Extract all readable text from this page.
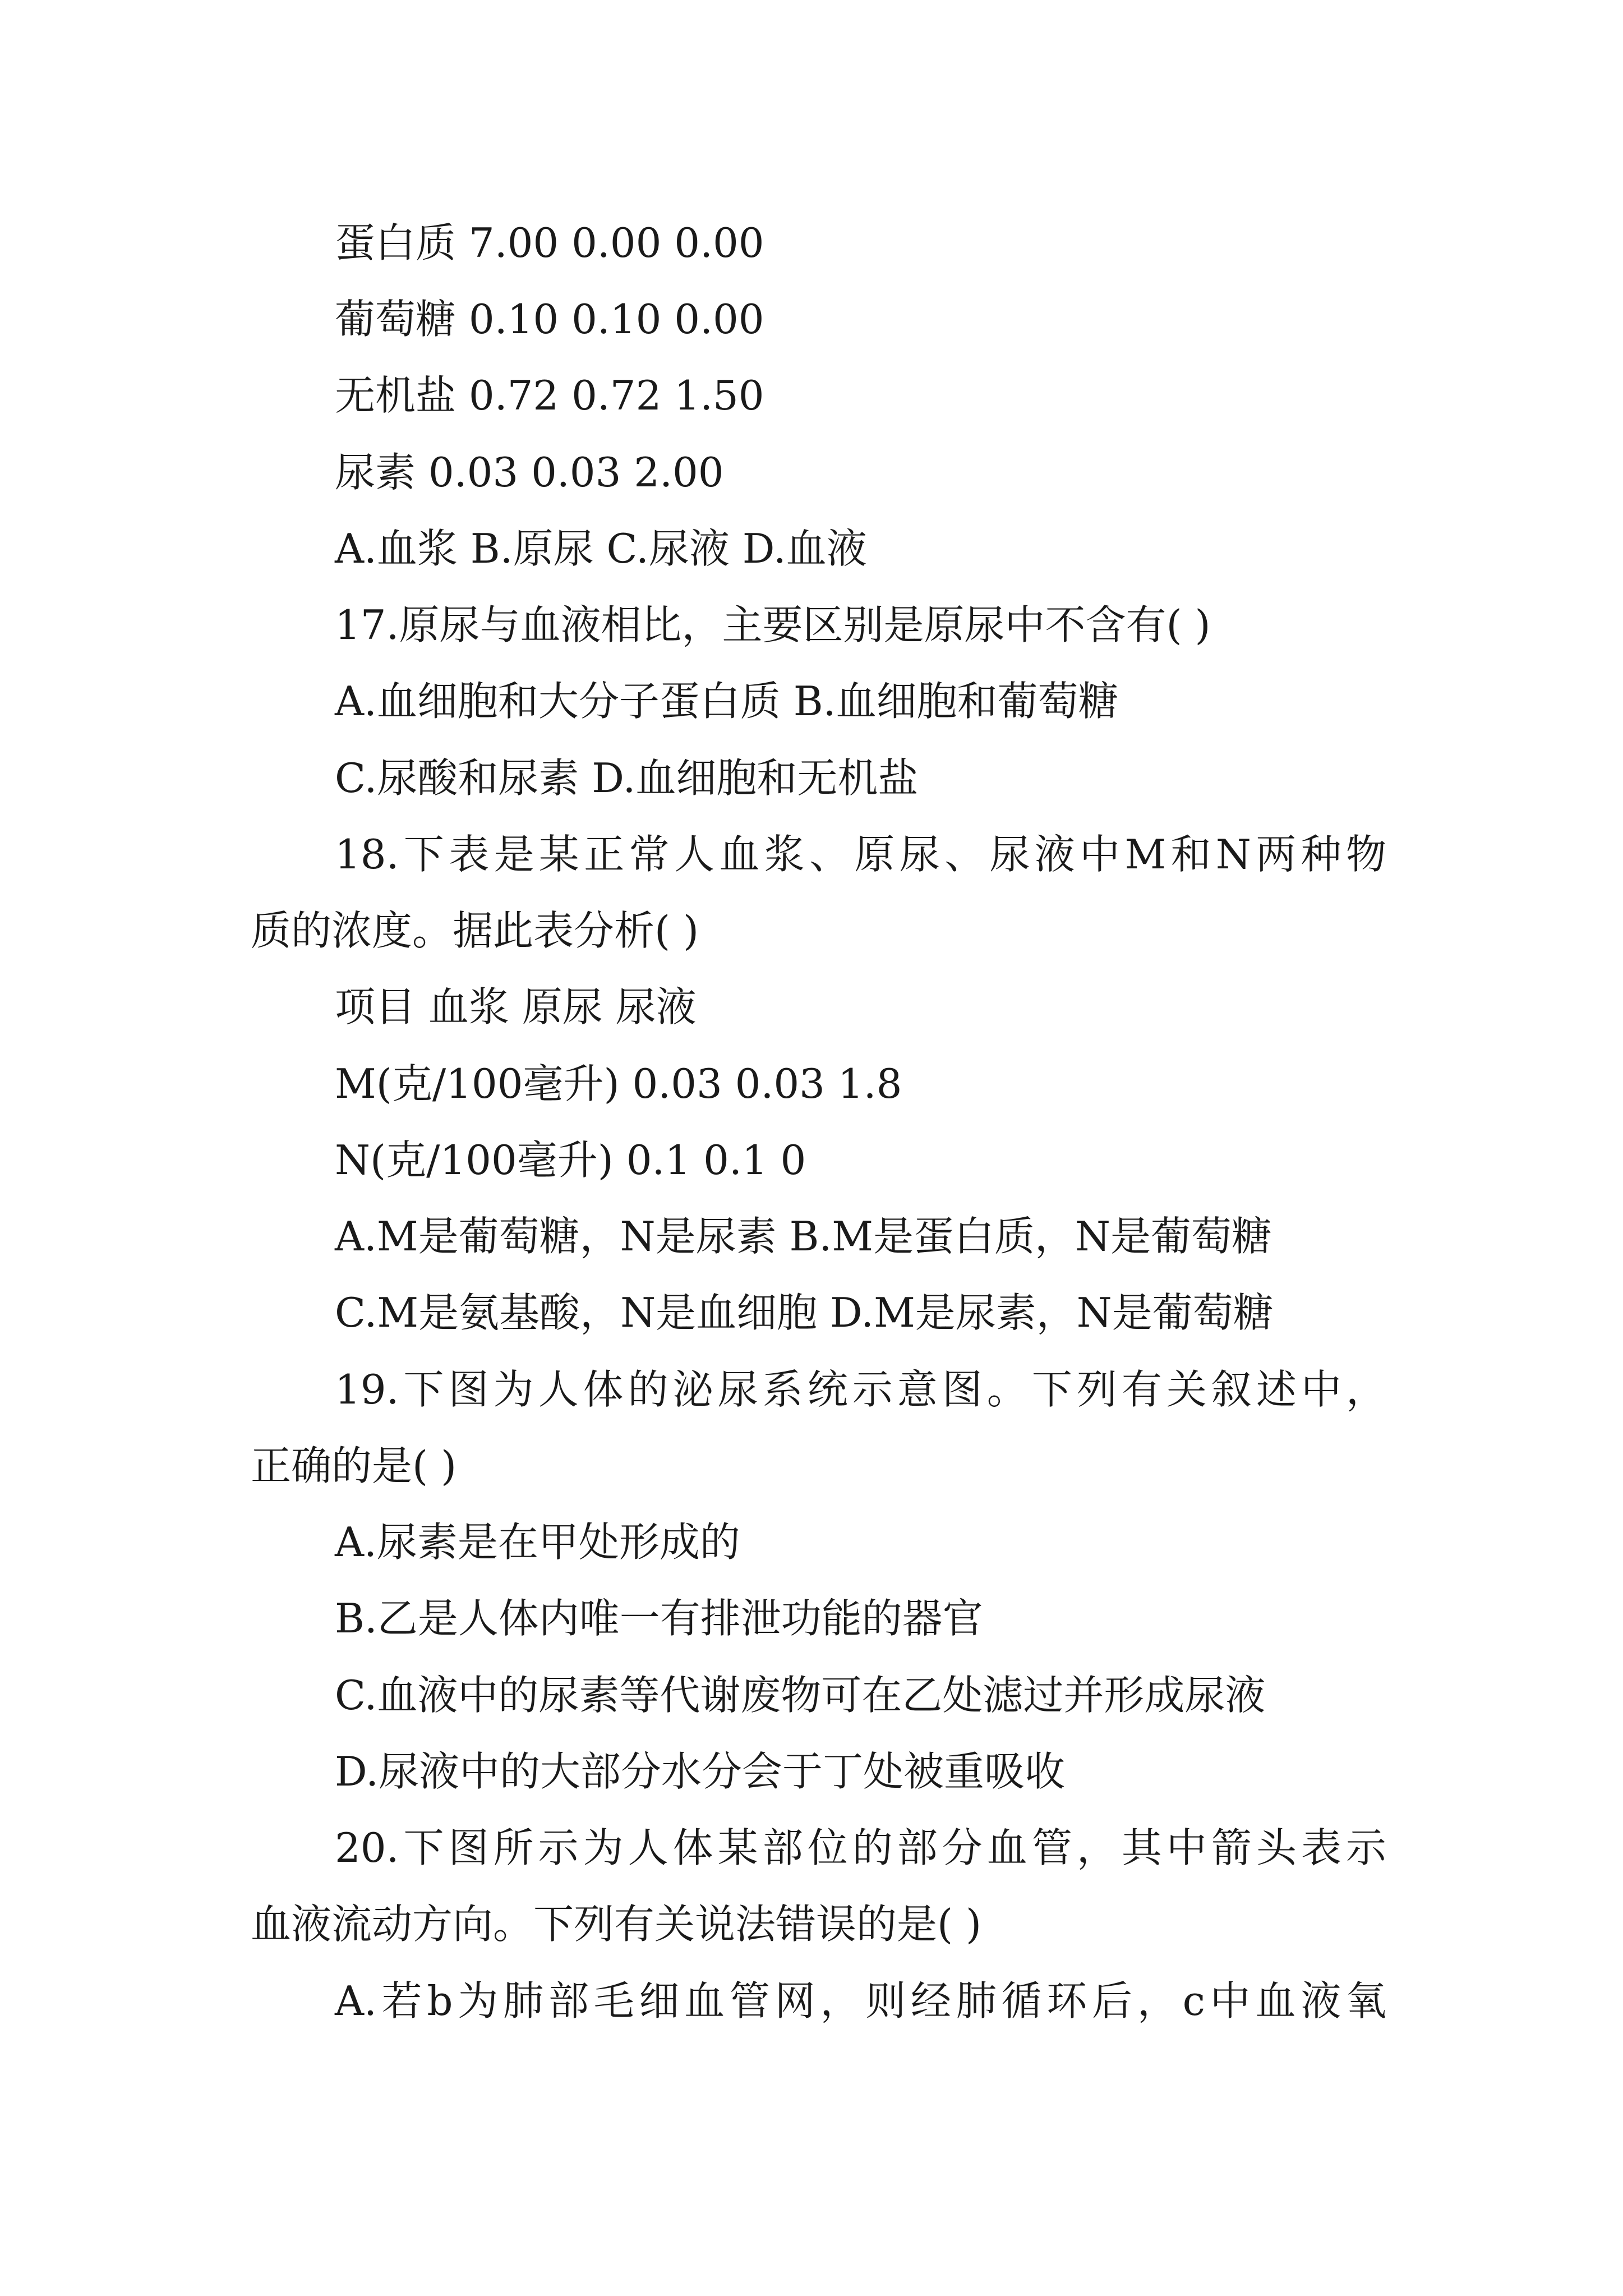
蛋白质 7.00 0.00 0.00
葡萄糖 0.10 0.10 0.00
无机盐 0.72 0.72 1.50
尿素 0.03 0.03 2.00
A.血浆 B.原尿 C.尿液 D.血液
17.原尿与血液相比，主要区别是原尿中不含有( )
A.血细胞和大分子蛋白质 B.血细胞和葡萄糖
C.尿酸和尿素 D.血细胞和无机盐
18.下表是某正常人血浆、原尿、尿液中M和N两种物
质的浓度。据此表分析( )
项目 血浆 原尿 尿液
M(克/100毫升) 0.03 0.03 1.8
N(克/100毫升) 0.1 0.1 0
A.M是葡萄糖，N是尿素 B.M是蛋白质，N是葡萄糖
C.M是氨基酸，N是血细胞 D.M是尿素，N是葡萄糖
19.下图为人体的泌尿系统示意图。下列有关叙述中，
正确的是( )
A.尿素是在甲处形成的
B.乙是人体内唯一有排泄功能的器官
C.血液中的尿素等代谢废物可在乙处滤过并形成尿液
D.尿液中的大部分水分会于丁处被重吸收
20.下图所示为人体某部位的部分血管，其中箭头表示
血液流动方向。下列有关说法错误的是( )
A.若b为肺部毛细血管网，则经肺循环后，c中血液氧
